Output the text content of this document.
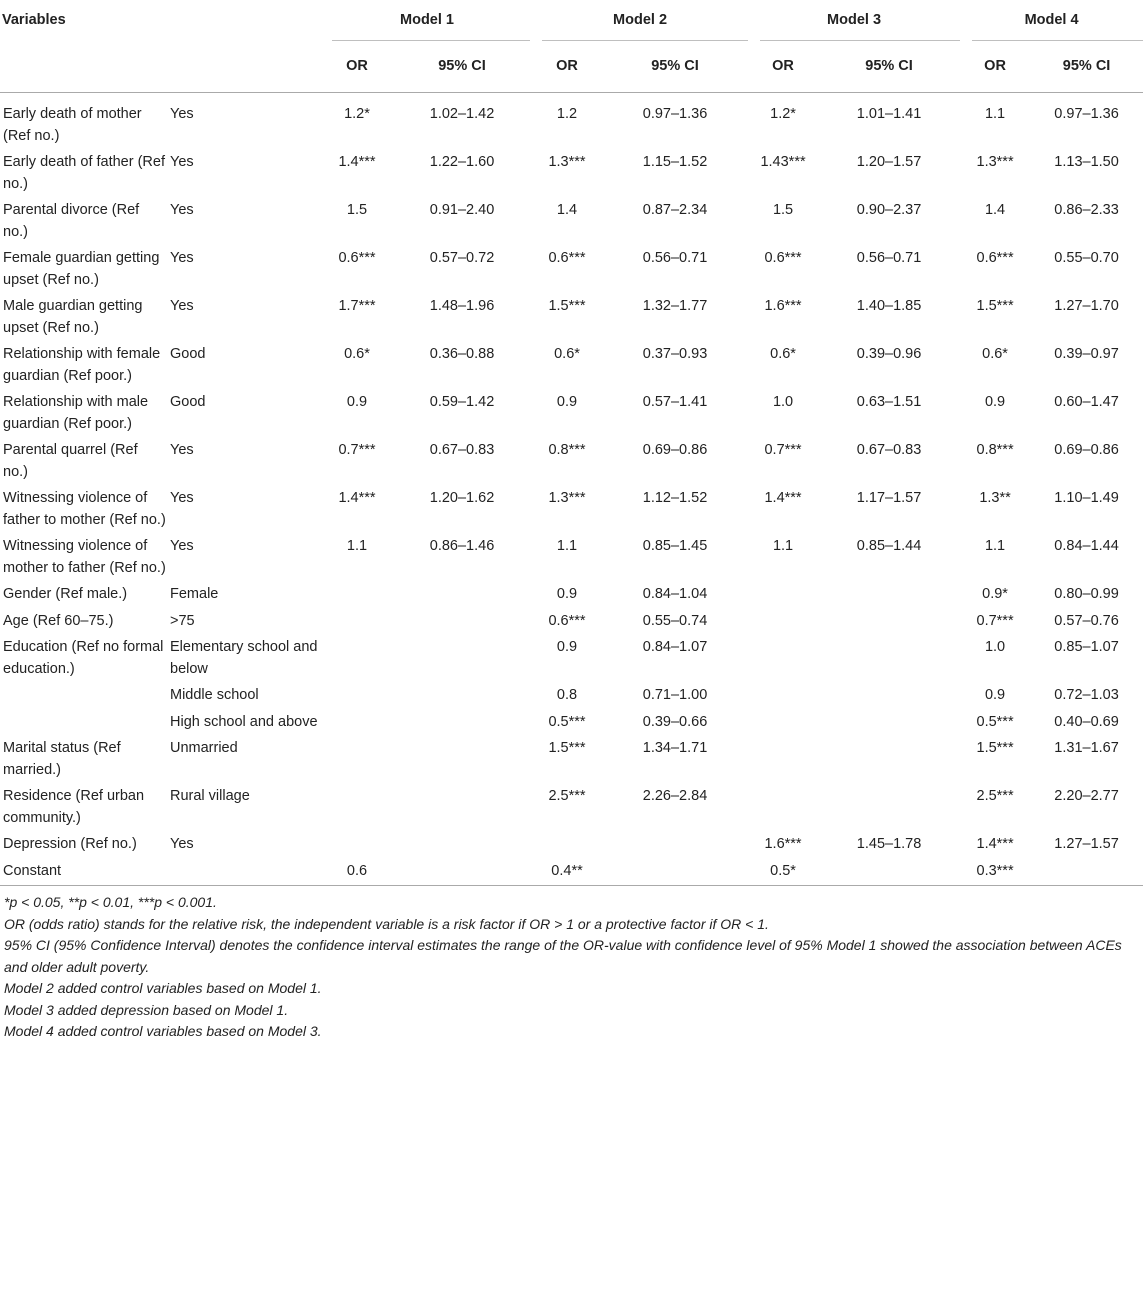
Variables		Model 1		Model 2		Model 3		Model 4	
		OR	95% CI	OR	95% CI	OR	95% CI	OR	95% CI
Early death of mother (Ref no.)	Yes	1.2*	1.02–1.42	1.2	0.97–1.36	1.2*	1.01–1.41	1.1	0.97–1.36
Early death of father (Ref no.)	Yes	1.4***	1.22–1.60	1.3***	1.15–1.52	1.43***	1.20–1.57	1.3***	1.13–1.50
Parental divorce (Ref no.)	Yes	1.5	0.91–2.40	1.4	0.87–2.34	1.5	0.90–2.37	1.4	0.86–2.33
Female guardian getting upset (Ref no.)	Yes	0.6***	0.57–0.72	0.6***	0.56–0.71	0.6***	0.56–0.71	0.6***	0.55–0.70
Male guardian getting upset (Ref no.)	Yes	1.7***	1.48–1.96	1.5***	1.32–1.77	1.6***	1.40–1.85	1.5***	1.27–1.70
Relationship with female guardian (Ref poor.)	Good	0.6*	0.36–0.88	0.6*	0.37–0.93	0.6*	0.39–0.96	0.6*	0.39–0.97
Relationship with male guardian (Ref poor.)	Good	0.9	0.59–1.42	0.9	0.57–1.41	1.0	0.63–1.51	0.9	0.60–1.47
Parental quarrel (Ref no.)	Yes	0.7***	0.67–0.83	0.8***	0.69–0.86	0.7***	0.67–0.83	0.8***	0.69–0.86
Witnessing violence of father to mother (Ref no.)	Yes	1.4***	1.20–1.62	1.3***	1.12–1.52	1.4***	1.17–1.57	1.3**	1.10–1.49
Witnessing violence of mother to father (Ref no.)	Yes	1.1	0.86–1.46	1.1	0.85–1.45	1.1	0.85–1.44	1.1	0.84–1.44
Gender (Ref male.)	Female			0.9	0.84–1.04			0.9*	0.80–0.99
Age (Ref 60–75.)	>75			0.6***	0.55–0.74			0.7***	0.57–0.76
Education (Ref no formal education.)	Elementary school and below			0.9	0.84–1.07			1.0	0.85–1.07
	Middle school			0.8	0.71–1.00			0.9	0.72–1.03
	High school and above			0.5***	0.39–0.66			0.5***	0.40–0.69
Marital status (Ref married.)	Unmarried			1.5***	1.34–1.71			1.5***	1.31–1.67
Residence (Ref urban community.)	Rural village			2.5***	2.26–2.84			2.5***	2.20–2.77
Depression (Ref no.)	Yes					1.6***	1.45–1.78	1.4***	1.27–1.57
Constant		0.6		0.4**		0.5*		0.3***	
*p < 0.05, **p < 0.01, ***p < 0.001.
OR (odds ratio) stands for the relative risk, the independent variable is a risk factor if OR > 1 or a protective factor if OR < 1.
95% CI (95% Confidence Interval) denotes the confidence interval estimates the range of the OR-value with confidence level of 95% Model 1 showed the association between ACEs and older adult poverty.
Model 2 added control variables based on Model 1.
Model 3 added depression based on Model 1.
Model 4 added control variables based on Model 3.
